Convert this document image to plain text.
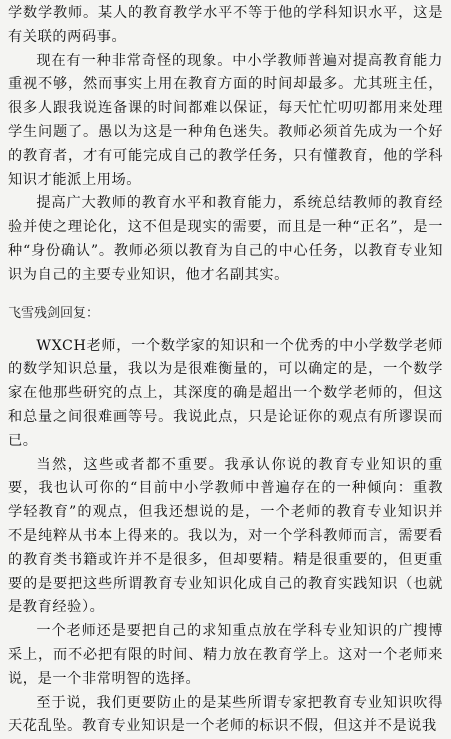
学数学教师。某人的教育教学水平不等于他的学科知识水平，这是有关联的两码事。

现在有一种非常奇怪的现象。中小学教师普遍对提高教育能力重视不够，然而事实上用在教育方面的时间却最多。尤其班主任，很多人跟我说连备课的时间都难以保证，每天忙忙叨叨都用来处理学生问题了。愚以为这是一种角色迷失。教师必须首先成为一个好的教育者，才有可能完成自己的教学任务，只有懂教育，他的学科知识才能派上用场。

提高广大教师的教育水平和教育能力，系统总结教师的教育经验并使之理论化，这不但是现实的需要，而且是一种“正名”，是一种“身份确认”。教师必须以教育为自己的中心任务，以教育专业知识为自己的主要专业知识，他才名副其实。

飞雪残剑回复：

WXCH老师，一个数学家的知识和一个优秀的中小学数学老师的数学知识总量，我以为是很难衡量的，可以确定的是，一个数学家在他那些研究的点上，其深度的确是超出一个数学老师的，但这和总量之间很难画等号。我说此点，只是论证你的观点有所谬误而已。

当然，这些或者都不重要。我承认你说的教育专业知识的重要，我也认可你的“目前中小学教师中普遍存在的一种倾向：重教学轻教育”的观点，但我还想说的是，一个老师的教育专业知识并不是纯粹从书本上得来的。我以为，对一个学科教师而言，需要看的教育类书籍或许并不是很多，但却要精。精是很重要的，但更重要的是要把这些所谓教育专业知识化成自己的教育实践知识（也就是教育经验）。

一个老师还是要把自己的求知重点放在学科专业知识的广搜博采上，而不必把有限的时间、精力放在教育学上。这对一个老师来说，是一个非常明智的选择。

至于说，我们更要防止的是某些所谓专家把教育专业知识吹得天花乱坠。教育专业知识是一个老师的标识不假，但这并不是说我
